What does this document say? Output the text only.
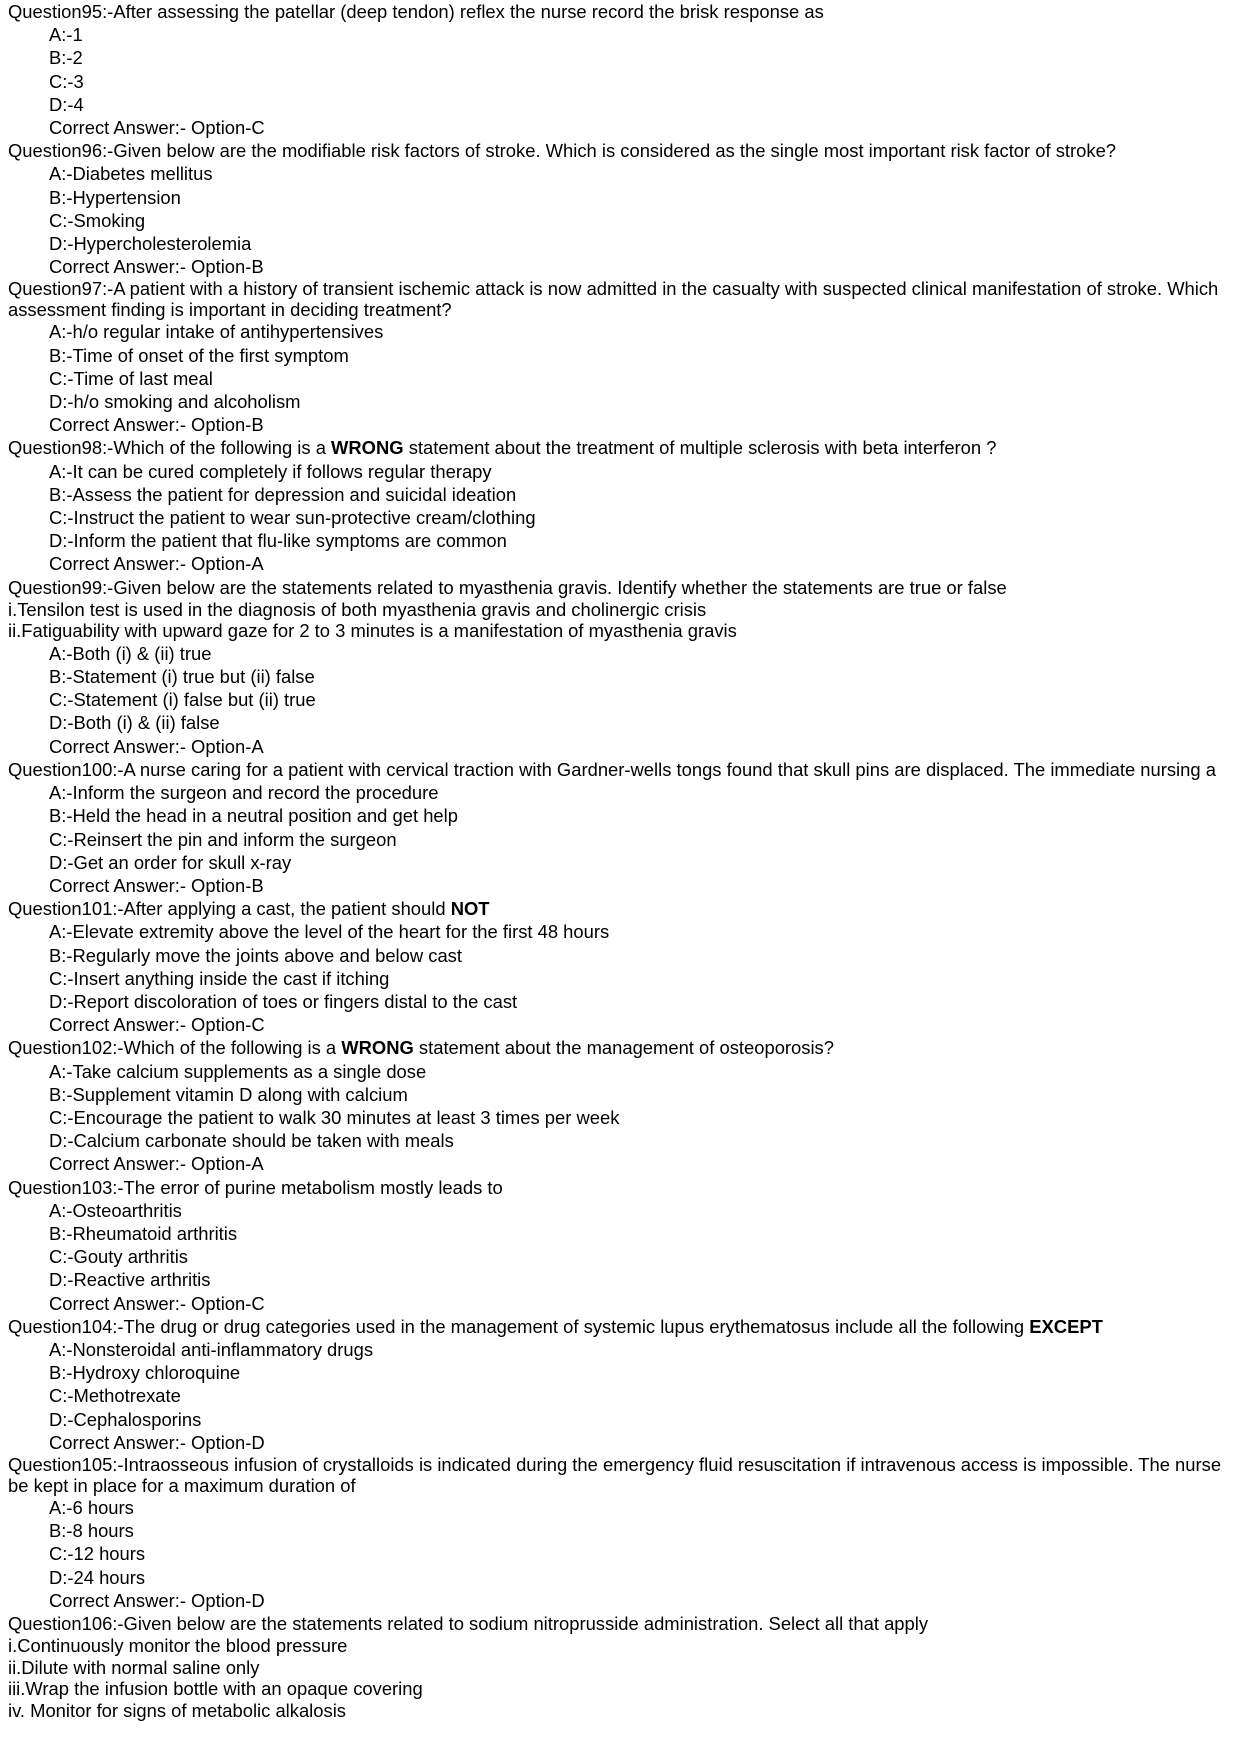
Question95:-After assessing the patellar (deep tendon) reflex the nurse record the brisk response as
A:-1
B:-2
C:-3
D:-4
Correct Answer:- Option-C
Question96:-Given below are the modifiable risk factors of stroke. Which is considered as the single most important risk factor of stroke?
A:-Diabetes mellitus
B:-Hypertension
C:-Smoking
D:-Hypercholesterolemia
Correct Answer:- Option-B
Question97:-A patient with a history of transient ischemic attack is now admitted in the casualty with suspected clinical manifestation of stroke. Which assessment finding is important in deciding treatment?
A:-h/o regular intake of antihypertensives
B:-Time of onset of the first symptom
C:-Time of last meal
D:-h/o smoking and alcoholism
Correct Answer:- Option-B
Question98:-Which of the following is a WRONG statement about the treatment of multiple sclerosis with beta interferon ?
A:-It can be cured completely if follows regular therapy
B:-Assess the patient for depression and suicidal ideation
C:-Instruct the patient to wear sun-protective cream/clothing
D:-Inform the patient that flu-like symptoms are common
Correct Answer:- Option-A
Question99:-Given below are the statements related to myasthenia gravis. Identify whether the statements are true or false
i.Tensilon test is used in the diagnosis of both myasthenia gravis and cholinergic crisis
ii.Fatiguability with upward gaze for 2 to 3 minutes is a manifestation of myasthenia gravis
A:-Both (i) & (ii) true
B:-Statement (i) true but (ii) false
C:-Statement (i) false but (ii) true
D:-Both (i) & (ii) false
Correct Answer:- Option-A
Question100:-A nurse caring for a patient with cervical traction with Gardner-wells tongs found that skull pins are displaced. The immediate nursing a
A:-Inform the surgeon and record the procedure
B:-Held the head in a neutral position and get help
C:-Reinsert the pin and inform the surgeon
D:-Get an order for skull x-ray
Correct Answer:- Option-B
Question101:-After applying a cast, the patient should NOT
A:-Elevate extremity above the level of the heart for the first 48 hours
B:-Regularly move the joints above and below cast
C:-Insert anything inside the cast if itching
D:-Report discoloration of toes or fingers distal to the cast
Correct Answer:- Option-C
Question102:-Which of the following is a WRONG statement about the management of osteoporosis?
A:-Take calcium supplements as a single dose
B:-Supplement vitamin D along with calcium
C:-Encourage the patient to walk 30 minutes at least 3 times per week
D:-Calcium carbonate should be taken with meals
Correct Answer:- Option-A
Question103:-The error of purine metabolism mostly leads to
A:-Osteoarthritis
B:-Rheumatoid arthritis
C:-Gouty arthritis
D:-Reactive arthritis
Correct Answer:- Option-C
Question104:-The drug or drug categories used in the management of systemic lupus erythematosus include all the following EXCEPT
A:-Nonsteroidal anti-inflammatory drugs
B:-Hydroxy chloroquine
C:-Methotrexate
D:-Cephalosporins
Correct Answer:- Option-D
Question105:-Intraosseous infusion of crystalloids is indicated during the emergency fluid resuscitation if intravenous access is impossible. The nurse be kept in place for a maximum duration of
A:-6 hours
B:-8 hours
C:-12 hours
D:-24 hours
Correct Answer:- Option-D
Question106:-Given below are the statements related to sodium nitroprusside administration. Select all that apply
i.Continuously monitor the blood pressure
ii.Dilute with normal saline only
iii.Wrap the infusion bottle with an opaque covering
iv. Monitor for signs of metabolic alkalosis
